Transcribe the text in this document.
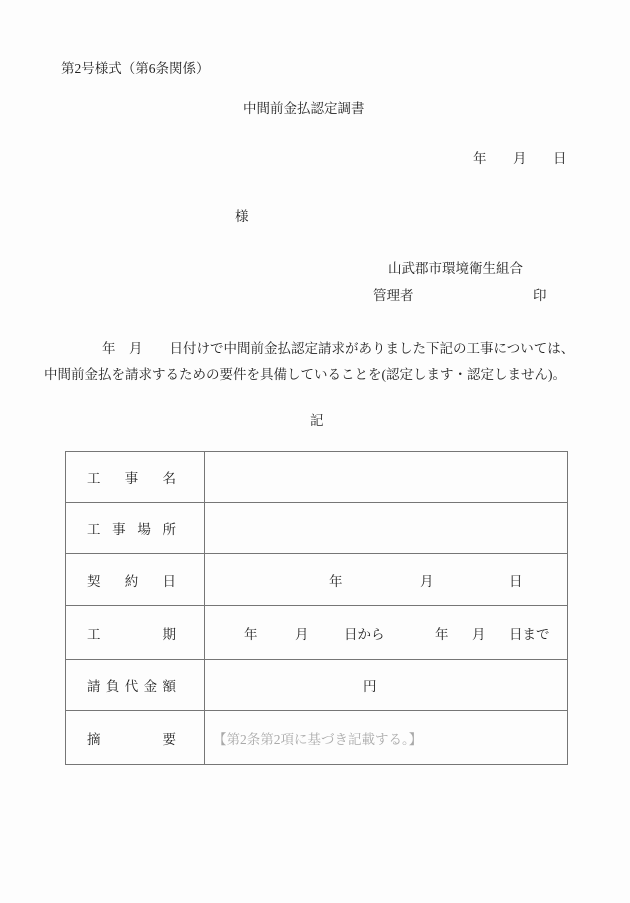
第2号様式（第6条関係）
中間前金払認定調書
年 月 日
様
山武郡市環境衛生組合
管理者	印
年　月　　日付けで中間前金払認定請求がありました下記の工事については、
中間前金払を請求するための要件を具備していることを(認定します・認定しません)。
記
工 事 名	

工 事 場 所	

契 約 日	年 月 日

工 期	年	月	日から	年 月 日まで

請 負 代 金 額	円

摘 要	【第2条第2項に基づき記載する。】
